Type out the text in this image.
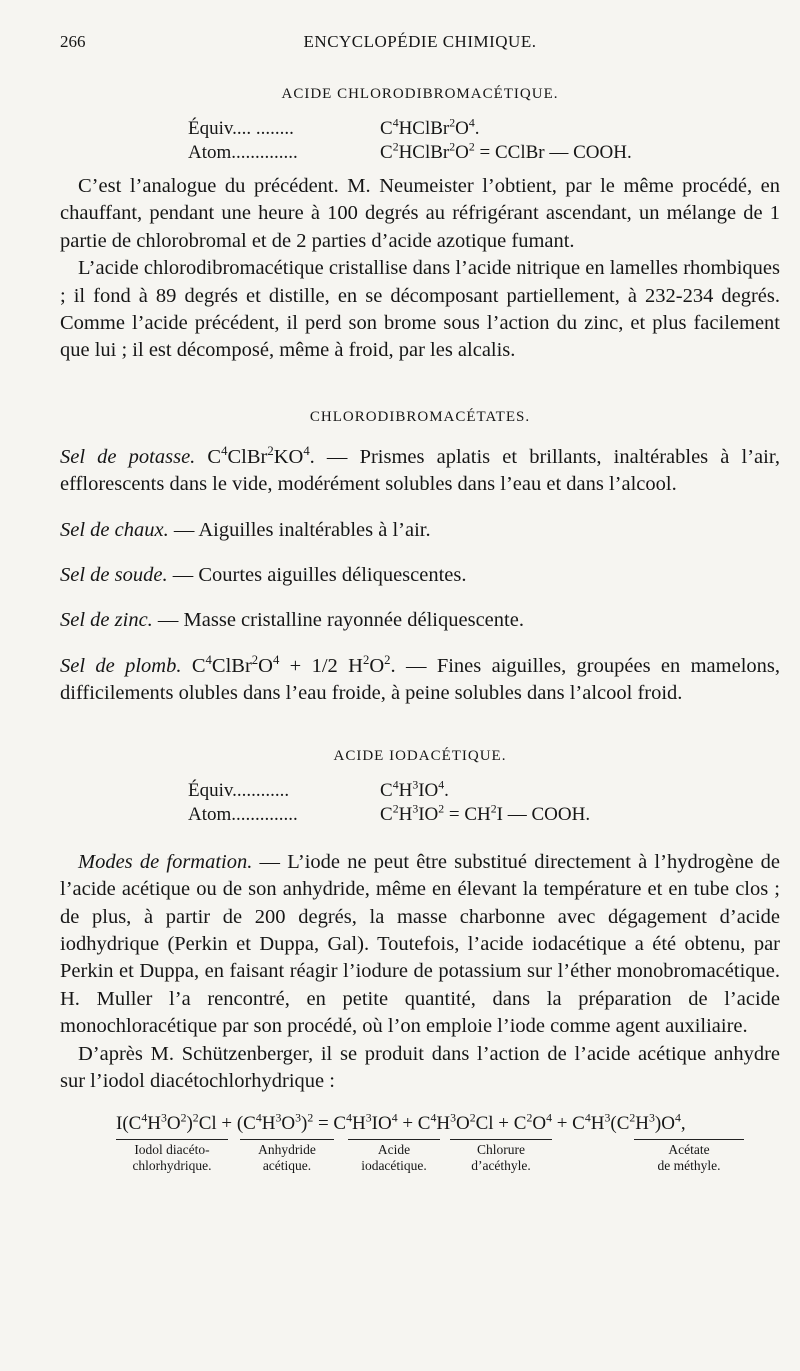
266	ENCYCLOPÉDIE CHIMIQUE.
ACIDE CHLORODIBROMACÉTIQUE.
Équiv.... ........	$C^4HClBr^2O^4$.
Atom..............	$C^2HClBr^2O^2$ = CClBr — COOH.

C’est l’analogue du précédent. M. Neumeister l’obtient, par le même procédé, en chauffant, pendant une heure à 100 degrés au réfrigérant ascendant, un mélange de 1 partie de chlorobromal et de 2 parties d’acide azotique fumant.

L’acide chlorodibromacétique cristallise dans l’acide nitrique en lamelles rhombiques ; il fond à 89 degrés et distille, en se décomposant partiellement, à 232-234 degrés. Comme l’acide précédent, il perd son brome sous l’action du zinc, et plus facilement que lui ; il est décomposé, même à froid, par les alcalis.

CHLORODIBROMACÉTATES.

Sel de potasse. $C^4ClBr^2KO^4$. — Prismes aplatis et brillants, inaltérables à l’air, efflorescents dans le vide, modérément solubles dans l’eau et dans l’alcool.

Sel de chaux. — Aiguilles inaltérables à l’air.

Sel de soude. — Courtes aiguilles déliquescentes.

Sel de zinc. — Masse cristalline rayonnée déliquescente.

Sel de plomb. $C^4ClBr^2O^4 + 1/2$ $H^2O^2$. — Fines aiguilles, groupées en mamelons, difficilements olubles dans l’eau froide, à peine solubles dans l’alcool froid.

ACIDE IODACÉTIQUE.
Équiv............	$C^4H^3IO^4$.
Atom..............	$C^2H^3IO^2 = CH^2I$ — COOH.

Modes de formation. — L’iode ne peut être substitué directement à l’hydrogène de l’acide acétique ou de son anhydride, même en élevant la température et en tube clos ; de plus, à partir de 200 degrés, la masse charbonne avec dégagement d’acide iodhydrique (Perkin et Duppa, Gal). Toutefois, l’acide iodacétique a été obtenu, par Perkin et Duppa, en faisant réagir l’iodure de potassium sur l’éther monobromacétique. H. Muller l’a rencontré, en petite quantité, dans la préparation de l’acide monochloracétique par son procédé, où l’on emploie l’iode comme agent auxiliaire.

D’après M. Schützenberger, il se produit dans l’action de l’acide acétique anhydre sur l’iodol diacétochlorhydrique :

$I(C^4H^3O^2)^2Cl + (C^4H^3O^3)^2 = C^4H^3IO^4 + C^4H^3O^2Cl + C^2O^4 + C^4H^3(C^2H^3)O^4$,
Iodol diacéto-
chlorhydrique.
Anhydride
acétique.
Acide
iodacétique.
Chlorure
d’acéthyle.
Acétate
de méthyle.
